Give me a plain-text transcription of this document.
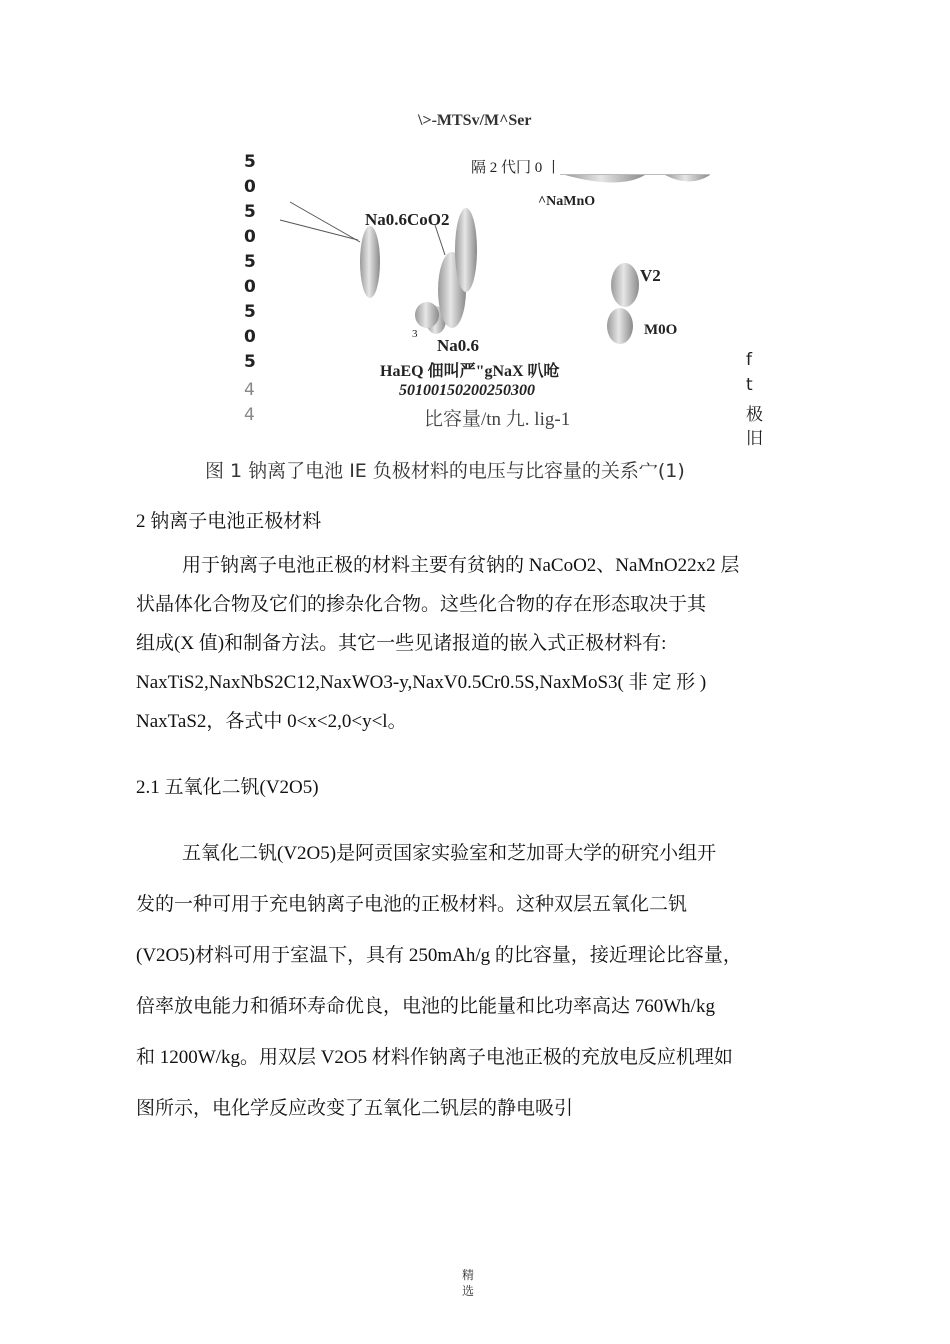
\>-MTSv/M^Ser
5
0
5
0
5
0
5
0
5
4
4
隔 2 代冂 0 丨
^NaMnO
Na0.6CoO2
V2
M0O
Na0.6
3
HaEQ 佃叫严"gNaX 叭呛
50100150200250300
比容量/tn 九. lig-1
f
t
极
旧
图 1 钠离了电池 IE 负极材料的电压与比容量的关系宀(1)
2 钠离子电池正极材料
用于钠离子电池正极的材料主要有贫钠的 NaCoO2、NaMnO22x2 层
状晶体化合物及它们的掺杂化合物。这些化合物的存在形态取决于其
组成(X 值)和制备方法。其它一些见诸报道的嵌入式正极材料有:
NaxTiS2,NaxNbS2C12,NaxWO3-y,NaxV0.5Cr0.5S,NaxMoS3( 非 定 形 )
NaxTaS2，各式中 0<x<2,0<y<l。
2.1 五氧化二钒(V2O5)
五氧化二钒(V2O5)是阿贡国家实验室和芝加哥大学的研究小组开
发的一种可用于充电钠离子电池的正极材料。这种双层五氧化二钒
(V2O5)材料可用于室温下，具有 250mAh/g 的比容量，接近理论比容量，
倍率放电能力和循环寿命优良，电池的比能量和比功率高达 760Wh/kg
和 1200W/kg。用双层 V2O5 材料作钠离子电池正极的充放电反应机理如
图所示，电化学反应改变了五氧化二钒层的静电吸引
精
选
